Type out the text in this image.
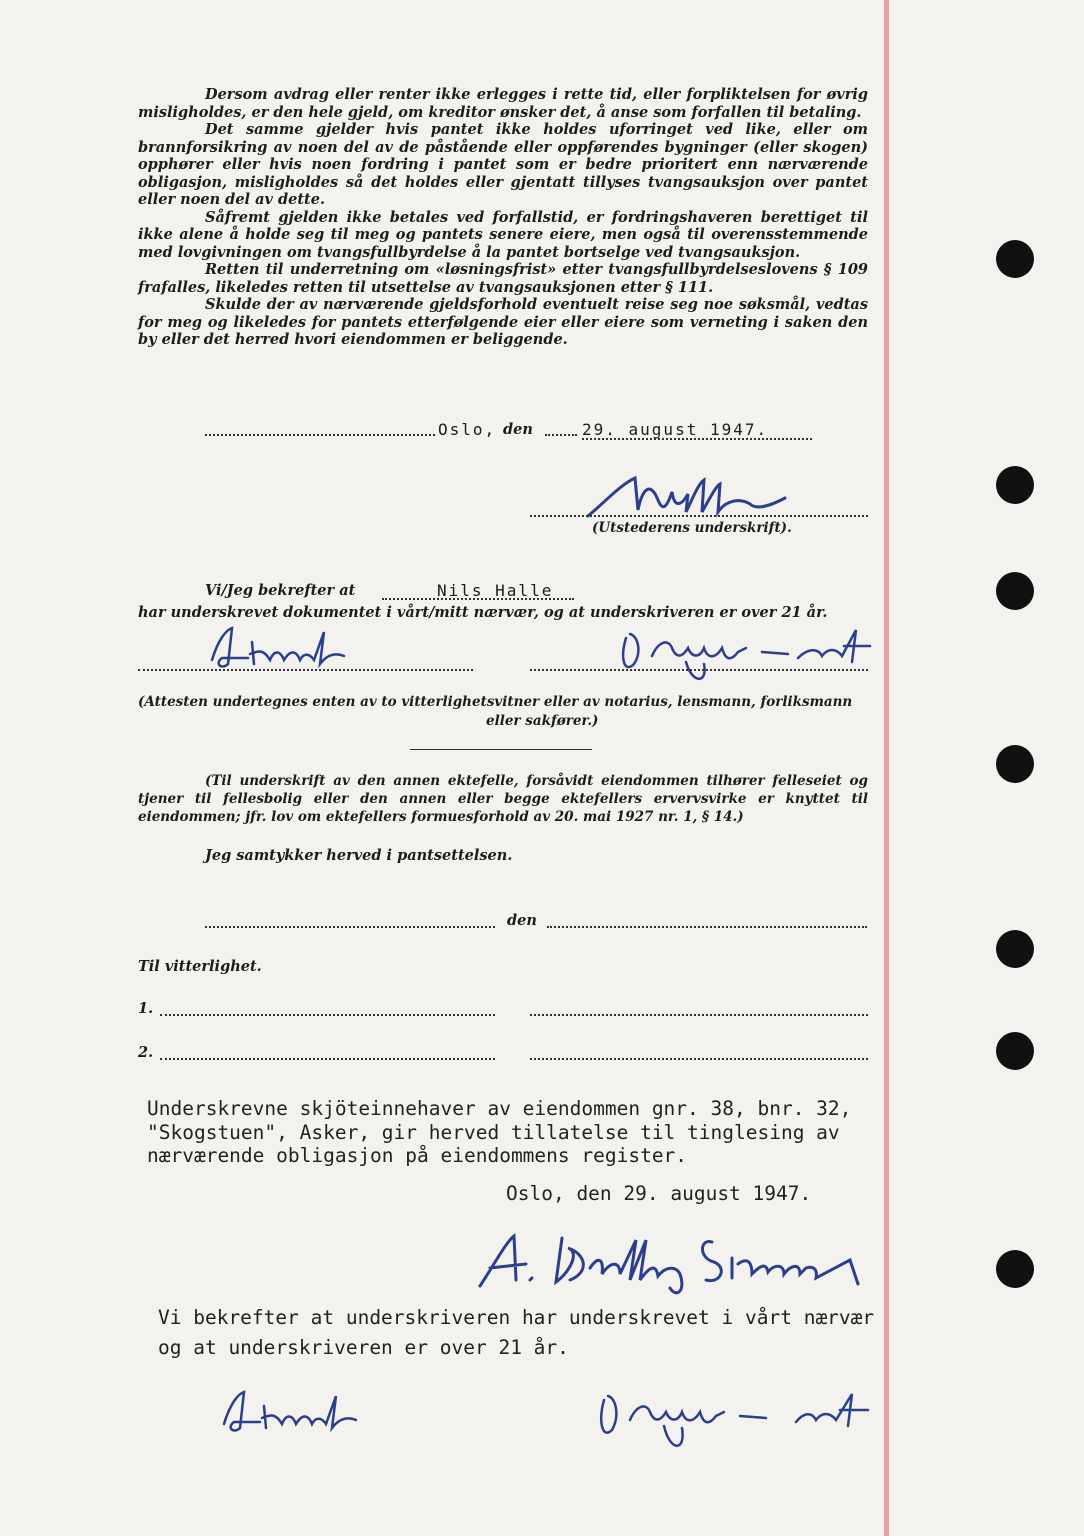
Dersom avdrag eller renter ikke erlegges i rette tid, eller forpliktelsen for øvrig misligholdes, er den hele gjeld, om kreditor ønsker det, å anse som forfallen til betaling.

Det samme gjelder hvis pantet ikke holdes uforringet ved like, eller om brannforsikring av noen del av de påstående eller oppførendes bygninger (eller skogen) opphører eller hvis noen fordring i pantet som er bedre prioritert enn nærværende obligasjon, misligholdes så det holdes eller gjentatt tillyses tvangsauksjon over pantet eller noen del av dette.

Såfremt gjelden ikke betales ved forfallstid, er fordringshaveren berettiget til ikke alene å holde seg til meg og pantets senere eiere, men også til overensstemmende med lovgivningen om tvangsfullbyrdelse å la pantet bortselge ved tvangsauksjon.

Retten til underretning om «løsningsfrist» etter tvangsfullbyrdelseslovens § 109 frafalles, likeledes retten til utsettelse av tvangsauksjonen etter § 111.

Skulde der av nærværende gjeldsforhold eventuelt reise seg noe søksmål, vedtas for meg og likeledes for pantets etterfølgende eier eller eiere som verneting i saken den by eller det herred hvori eiendommen er beliggende.

Oslo, den	29. august 1947.
(Utstederens underskrift).
Vi/Jeg bekrefter at	Nils Halle
har underskrevet dokumentet i vårt/mitt nærvær, og at underskriveren er over 21 år.
(Attesten undertegnes enten av to vitterlighetsvitner eller av notarius, lensmann, forliksmann
eller sakfører.)

(Til underskrift av den annen ektefelle, forsåvidt eiendommen tilhører felleseiet og tjener til fellesbolig eller den annen eller begge ektefellers ervervsvirke er knyttet til eiendommen; jfr. lov om ektefellers formuesforhold av 20. mai 1927 nr. 1, § 14.)

Jeg samtykker herved i pantsettelsen.
den
Til vitterlighet.
1.
2.
Underskrevne skjöteinnehaver av eiendommen gnr. 38, bnr. 32,
"Skogstuen", Asker, gir herved tillatelse til tinglesing av
nærværende obligasjon på eiendommens register.
Oslo, den 29. august 1947.
Vi bekrefter at underskriveren har underskrevet i vårt nærvær
og at underskriveren er over 21 år.
